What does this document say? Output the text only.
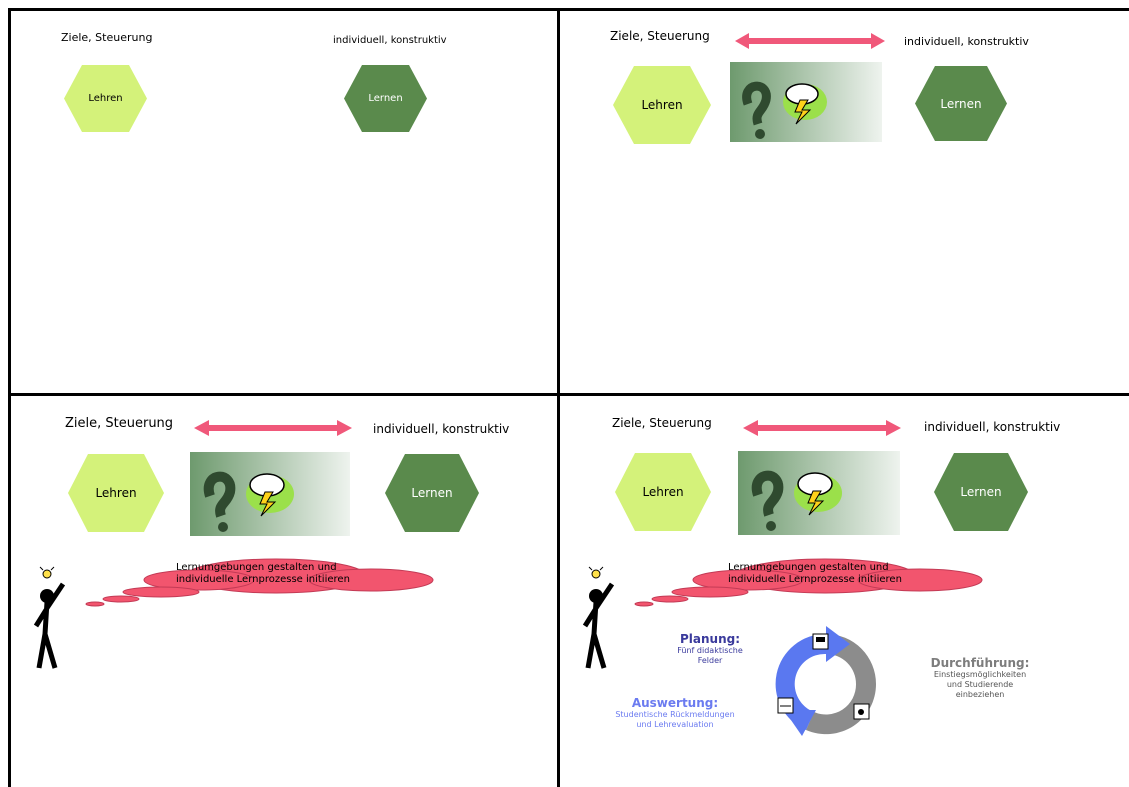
Ziele, Steuerung	individuell, konstruktiv
Lehren	Lernen
Ziele, Steuerung	individuell, konstruktiv
Lehren	Lernen
Ziele, Steuerung	individuell, konstruktiv
Lehren	Lernen
Lernumgebungen gestalten und
individuelle Lernprozesse initiieren
Ziele, Steuerung	individuell, konstruktiv
Lehren	Lernen
Lernumgebungen gestalten und
individuelle Lernprozesse initiieren
Planung:
Fünf didaktische
Felder	Durchführung:
Einstiegsmöglichkeiten
und Studierende
einbeziehen
Auswertung:
Studentische Rückmeldungen
und Lehrevaluation
